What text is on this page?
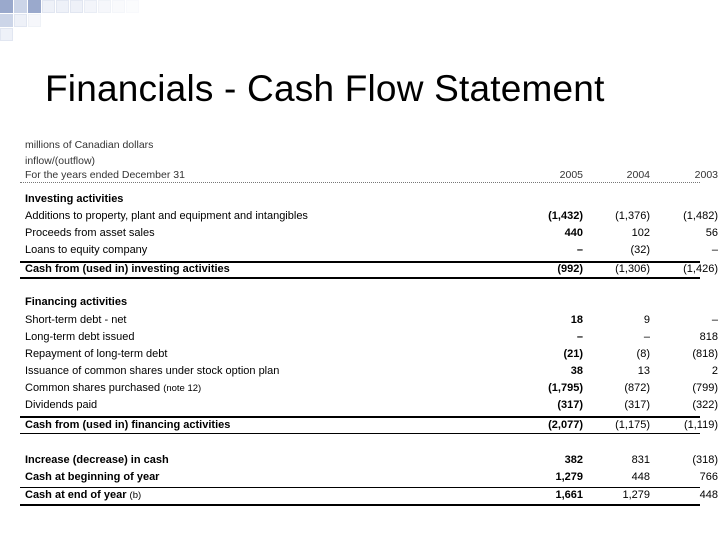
Financials - Cash Flow Statement
millions of Canadian dollars
inflow/(outflow)
For the years ended December 31	2005	2004	2003
Investing activities
Additions to property, plant and equipment and intangibles	(1,432)	(1,376)	(1,482)
Proceeds from asset sales	440	102	56
Loans to equity company	–	(32)	–
Cash from (used in) investing activities	(992)	(1,306)	(1,426)
Financing activities
Short-term debt - net	18	9	–
Long-term debt issued	–	–	818
Repayment of long-term debt	(21)	(8)	(818)
Issuance of common shares under stock option plan	38	13	2
Common shares purchased (note 12)	(1,795)	(872)	(799)
Dividends paid	(317)	(317)	(322)
Cash from (used in) financing activities	(2,077)	(1,175)	(1,119)
Increase (decrease) in cash	382	831	(318)
Cash at beginning of year	1,279	448	766
Cash at end of year (b)	1,661	1,279	448
